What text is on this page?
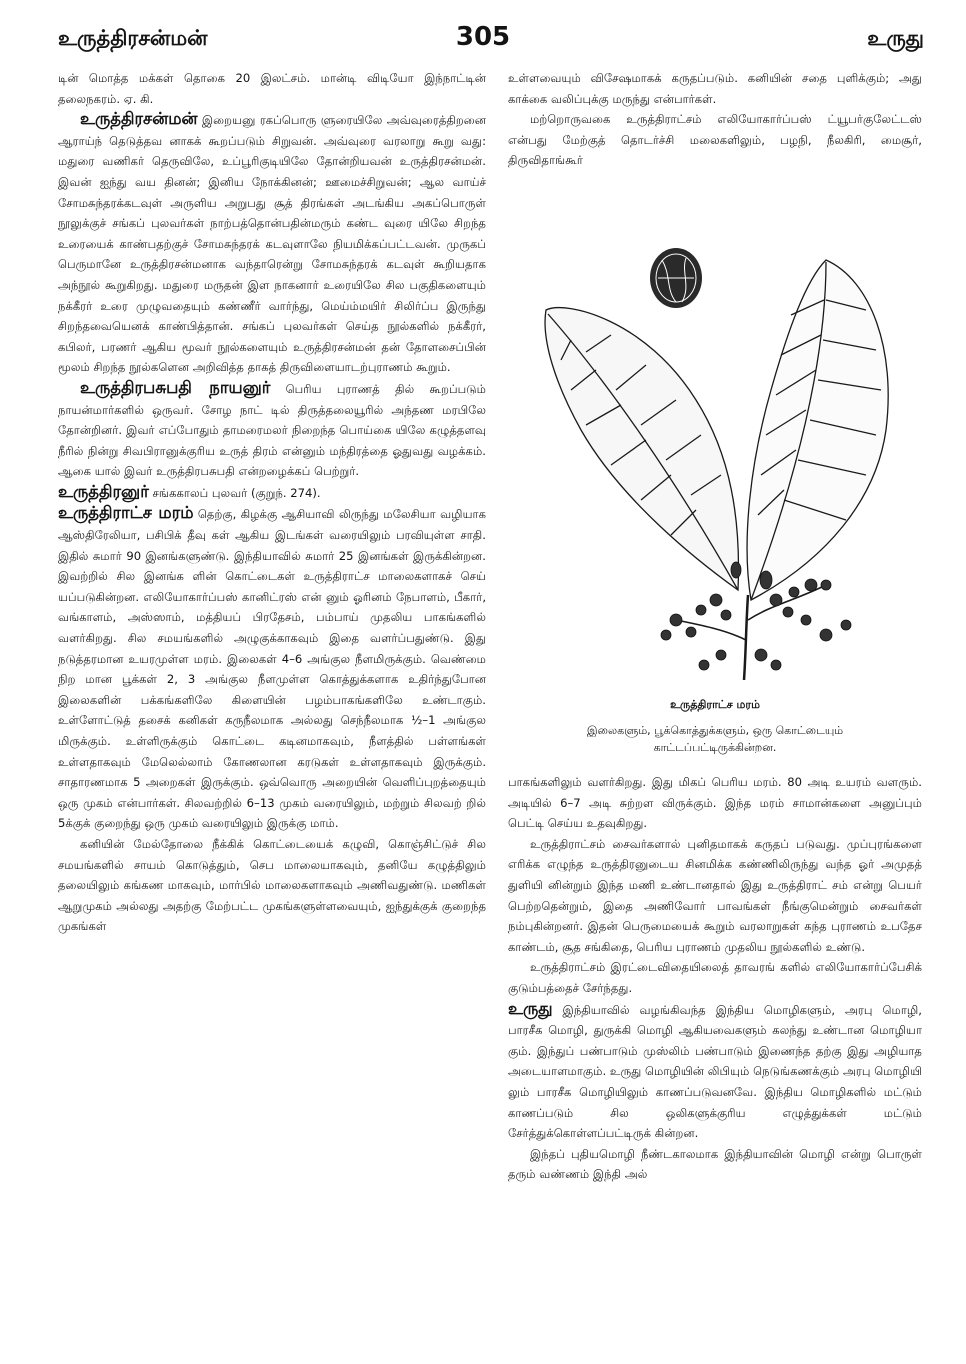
உருத்திரசன்மன்	305	உருது

டின் மொத்த மக்கள் தொகை 20 இலட்சம். மான்டி விடியோ இந்நாட்டின் தலைநகரம். ஏ. கி.

உருத்திரசன்மன் இறையனு ரகப்பொரு ளுரையிலே அவ்வுரைத்திறனை ஆராய்ந் தெடுத்தவ னாகக் கூறப்படும் சிறுவன். அவ்வுரை வரலாறு கூறு வது: மதுரை வணிகர் தெருவிலே, உப்பூரிகுடியிலே தோன்றியவன் உருத்திரசன்மன். இவன் ஐந்து வய தினன்; இனிய நோக்கினன்; ஊமைச்சிறுவன்; ஆல வாய்ச் சோமசுந்தரக்கடவுள் அருளிய அறுபது சூத் திரங்கள் அடங்கிய அகப்பொருள் நூலுக்குச் சங்கப் புலவர்கள் நாற்பத்தொன்பதின்மரும் கண்ட வுரை யிலே சிறந்த உரையைக் காண்பதற்குச் சோமசுந்தரக் கடவுளாலே நியமிக்கப்பட்டவன். முருகப் பெருமானே உருத்திரசன்மனாக வந்தாரென்று சோமசுந்தரக் கடவுள் கூறியதாக அந்நூல் கூறுகிறது. மதுரை மருதன் இள நாகனார் உரையிலே சில பகுதிகளையும் நக்கீரர் உரை முழுவதையும் கண்ணீர் வார்ந்து, மெய்ம்மயிர் சிலிர்ப்ப இருந்து சிறந்தவையெனக் காண்பித்தான். சங்கப் புலவர்கள் செய்த நூல்களில் நக்கீரர், கபிலர், பரணர் ஆகிய மூவர் நூல்களையும் உருத்திரசன்மன் தன் தோளசைப்பின் மூலம் சிறந்த நூல்களென அறிவித்த தாகத் திருவிளையாடற்புராணம் கூறும்.

உருத்திரபசுபதி நாயனுர் பெரிய புராணத் தில் கூறப்படும் நாயன்மார்களில் ஒருவர். சோழ நாட் டில் திருத்தலையூரில் அந்தண மரபிலே தோன்றினர். இவர் எப்போதும் தாமரைமலர் நிறைந்த பொய்கை யிலே கழுத்தளவு நீரில் நின்று சிவபிரானுக்குரிய உருத் திரம் என்னும் மந்திரத்தை ஓதுவது வழக்கம். ஆகை யால் இவர் உருத்திரபசுபதி என்றழைக்கப் பெற்றுர்.

உருத்திரனுர் சங்ககாலப் புலவர் (குறுந். 274).

உருத்திராட்ச மரம் தெற்கு, கிழக்கு ஆசியாவி லிருந்து மலேசியா வழியாக ஆஸ்திரேலியா, பசிபிக் தீவு கள் ஆகிய இடங்கள் வரையிலும் பரவியுள்ள சாதி. இதில் சுமார் 90 இனங்களுண்டு. இந்தியாவில் சுமார் 25 இனங்கள் இருக்கின்றன. இவற்றில் சில இனங்க ளின் கொட்டைகள் உருத்திராட்ச மாலைகளாகச் செய் யப்படுகின்றன. எலியோகார்ப்பஸ் கானிட்ரஸ் என் னும் ஓரினம் நேபாளம், பீகார், வங்காளம், அஸ்ஸாம், மத்தியப் பிரதேசம், பம்பாய் முதலிய பாகங்களில் வளர்கிறது. சில சமயங்களில் அழுகுக்காகவும் இதை வளர்ப்பதுண்டு. இது நடுத்தரமான உயரமுள்ள மரம். இலைகள் 4–6 அங்குல நீளமிருக்கும். வெண்மை நிற மான பூக்கள் 2, 3 அங்குல நீளமுள்ள கொத்துக்களாக உதிர்ந்துபோன இலைகளின் பக்கங்களிலே கிளையின் பழம்பாகங்களிலே உண்டாகும். உள்ளோட்டுத் தசைக் கனிகள் கருநீலமாக அல்லது செந்நீலமாக ½–1 அங்குல மிருக்கும். உள்ளிருக்கும் கொட்டை கடினமாகவும், நீளத்தில் பள்ளங்கள் உள்ளதாகவும் மேலெல்லாம் கோணலான கரடுகள் உள்ளதாகவும் இருக்கும். சாதாரணமாக 5 அறைகள் இருக்கும். ஒவ்வொரு அறையின் வெளிப்புறத்தையும் ஒரு முகம் என்பார்கள். சிலவற்றில் 6–13 முகம் வரையிலும், மற்றும் சிலவற் றில் 5க்குக் குறைந்து ஒரு முகம் வரையிலும் இருக்கு மாம்.

கனியின் மேல்தோலை நீக்கிக் கொட்டையைக் கழுவி, கொஞ்சிட்டுச் சில சமயங்களில் சாயம் கொடுத்தும், செப மாலையாகவும், தனியே கழுத்திலும் தலையிலும் கங்கண மாகவும், மார்பில் மாலைகளாகவும் அணிவதுண்டு. மணிகள் ஆறுமுகம் அல்லது அதற்கு மேற்பட்ட முகங்களுள்ளவையும், ஐந்துக்குக் குறைந்த முகங்கள்

உள்ளவையும் விசேஷமாகக் கருதப்படும். கனியின் சதை புளிக்கும்; அது காக்கை வலிப்புக்கு மருந்து என்பார்கள்.

மற்றொருவகை உருத்திராட்சம் எலியோகார்ப்பஸ் ட்யூபர்குலேட்டஸ் என்பது மேற்குத் தொடர்ச்சி மலைகளிலும், பழநி, நீலகிரி, மைசூர், திருவிதாங்கூர்

உருத்திராட்ச மரம்
இலைகளும், பூக்கொத்துக்களும், ஒரு கொட்டையும்
காட்டப்பட்டிருக்கின்றன.

பாகங்களிலும் வளர்கிறது. இது மிகப் பெரிய மரம். 80 அடி உயரம் வளரும். அடியில் 6–7 அடி சுற்றள விருக்கும். இந்த மரம் சாமான்களை அனுப்பும் பெட்டி செய்ய உதவுகிறது.

உருத்திராட்சம் சைவர்களால் புனிதமாகக் கருதப் படுவது. முப்புரங்களை எரிக்க எழுந்த உருத்திரனுடைய சினமிக்க கண்ணிலிருந்து வந்த ஓர் அமுதத் துளியி னின்றும் இந்த மணி உண்டானதால் இது உருத்திராட் சம் என்று பெயர் பெற்றதென்றும், இதை அணிவோர் பாவங்கள் நீங்குமென்றும் சைவர்கள் நம்புகின்றனர். இதன் பெருமையைக் கூறும் வரலாறுகள் கந்த புராணம் உபதேச காண்டம், சூத சங்கிதை, பெரிய புராணம் முதலிய நூல்களில் உண்டு.

உருத்திராட்சம் இரட்டைவிதையிலைத் தாவரங் களில் எலியோகார்ப்பேசிக் குடும்பத்தைச் சேர்ந்தது.

உருது இந்தியாவில் வழங்கிவந்த இந்திய மொழிகளும், அரபு மொழி, பாரசீக மொழி, துருக்கி மொழி ஆகியவைகளும் கலந்து உண்டான மொழியா கும். இந்துப் பண்பாடும் முஸ்லிம் பண்பாடும் இணைந்த தற்கு இது அழியாத அடையாளமாகும். உருது மொழியின் லிபியும் நெடுங்கணக்கும் அரபு மொழியி லும் பாரசீக மொழியிலும் காணப்படுவனவே. இந்திய மொழிகளில் மட்டும் காணப்படும் சில ஒலிகளுக்குரிய எழுத்துக்கள் மட்டும் சேர்த்துக்கொள்ளப்பட்டிருக் கின்றன.

இந்தப் புதியமொழி நீண்டகாலமாக இந்தியாவின் மொழி என்று பொருள் தரும் வண்ணம் இந்தி அல்
